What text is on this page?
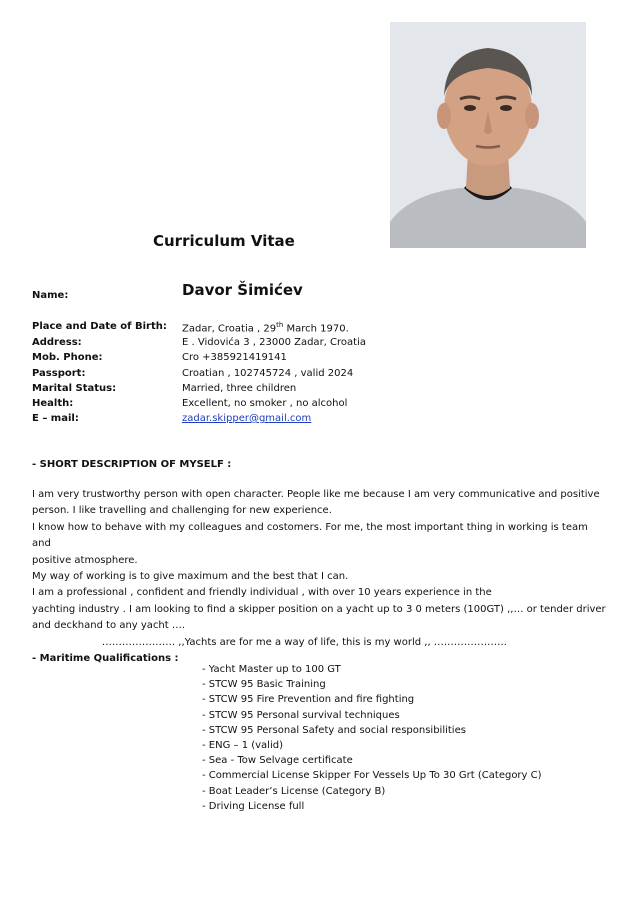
Curriculum Vitae
Name:	Davor Šimićev
Place and Date of Birth: Zadar, Croatia , 29th March 1970.
Address:	E . Vidovića 3 , 23000 Zadar, Croatia
Mob. Phone:	Cro +385921419141
Passport:	Croatian , 102745724 , valid 2024
Marital Status:	Married, three children
Health:	Excellent, no smoker , no alcohol
E – mail:	zadar.skipper@gmail.com
- SHORT DESCRIPTION OF MYSELF :

I am very trustworthy person with open character. People like me because I am very communicative and positive

person. I like travelling and challenging for new experience.

I know how to behave with my colleagues and costomers. For me, the most important thing in working is team and

positive atmosphere.

My way of working is to give maximum and the best that I can.

I am a professional , confident and friendly individual , with over 10 years experience in the

yachting industry . I am looking to find a skipper position on a yacht up to 3 0 meters (100GT) ,,… or tender driver

and deckhand to any yacht ….

…………………. ,,Yachts are for me a way of life, this is my world ,, ………………….

- Maritime Qualifications :
- Yacht Master up to 100 GT
- STCW 95 Basic Training
- STCW 95 Fire Prevention and fire fighting
- STCW 95 Personal survival techniques
- STCW 95 Personal Safety and social responsibilities
- ENG – 1 (valid)
- Sea - Tow Selvage certificate
- Commercial License Skipper For Vessels Up To 30 Grt (Category C)
- Boat Leader’s License (Category B)
- Driving License full
